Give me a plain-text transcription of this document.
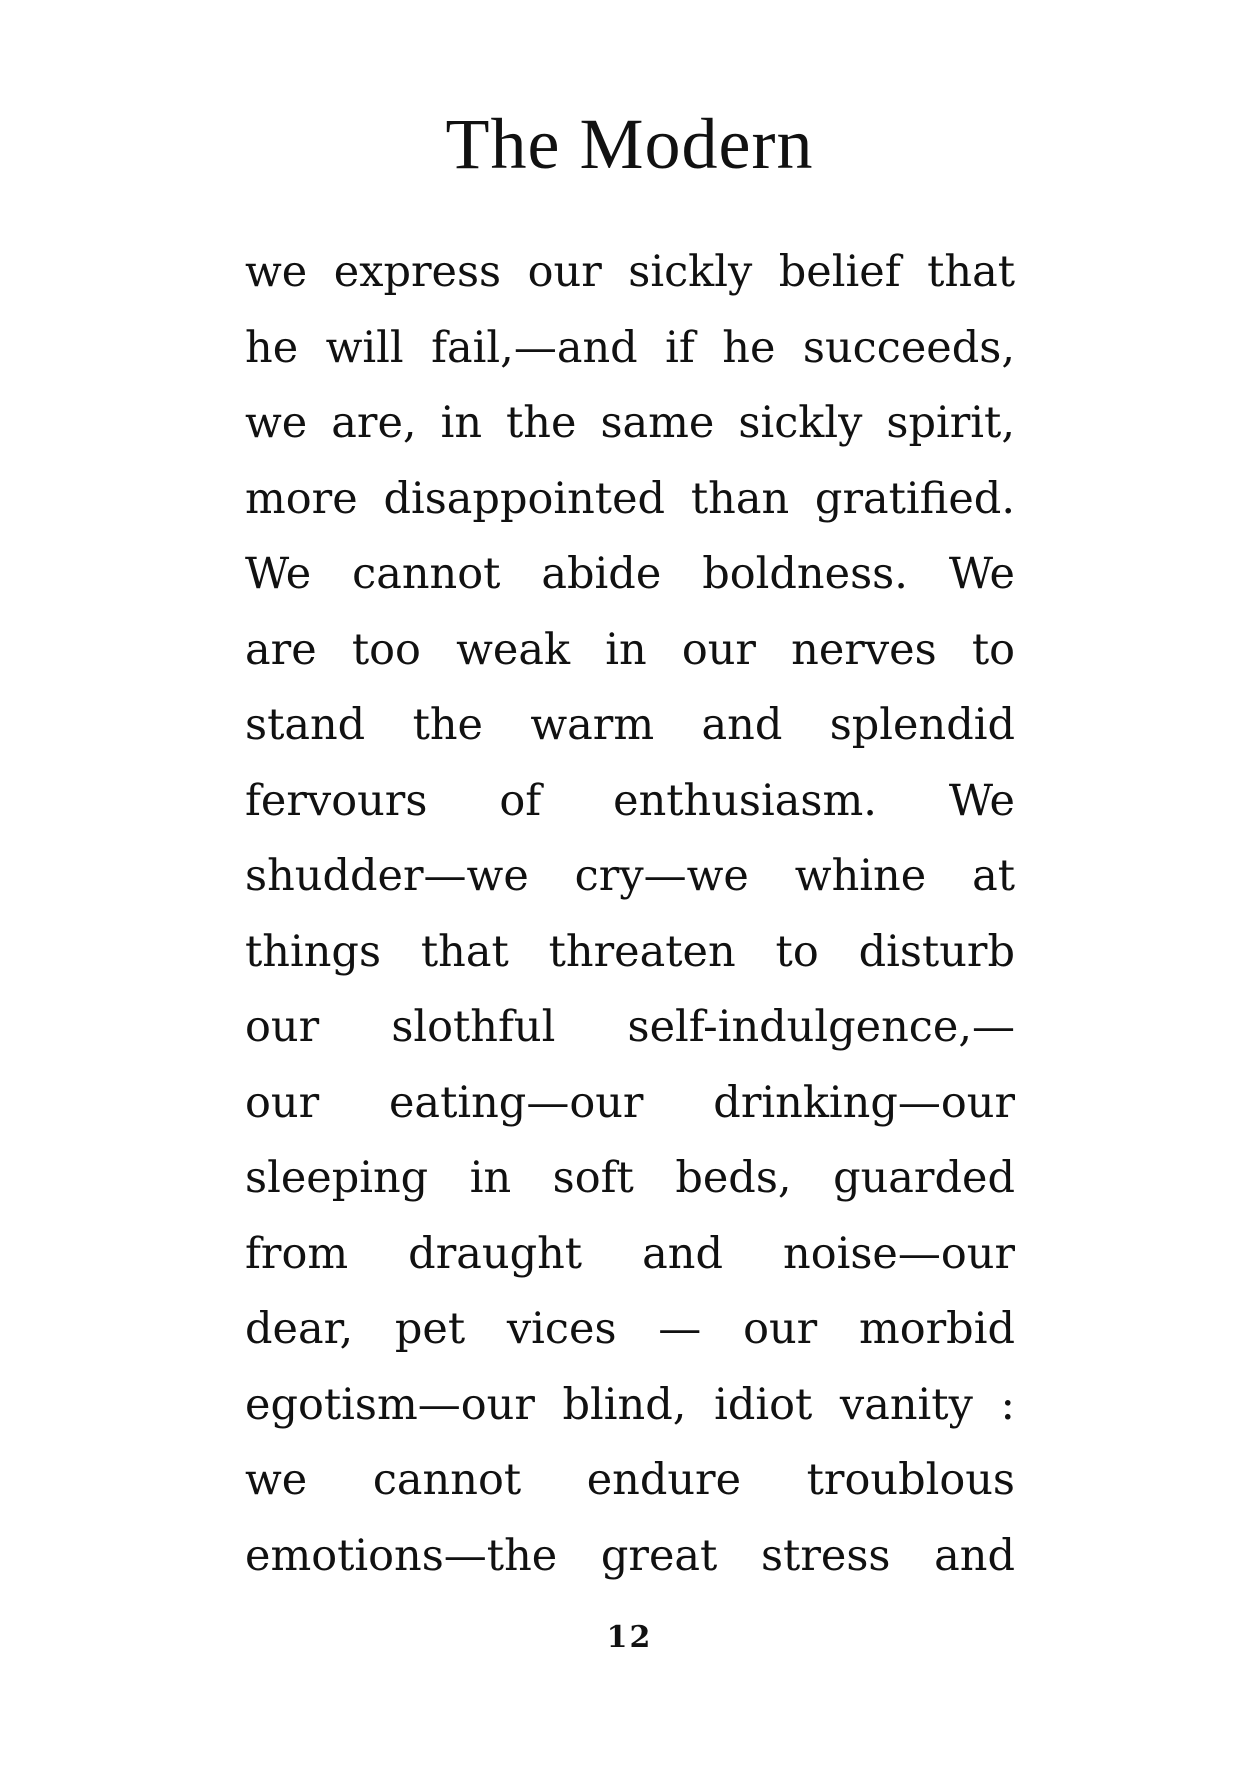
The Modern
we express our sickly belief that
he will fail,—and if he succeeds,
we are, in the same sickly spirit,
more disappointed than gratified.
We cannot abide boldness. We
are too weak in our nerves to
stand the warm and splendid
fervours of enthusiasm. We
shudder—we cry—we whine at
things that threaten to disturb
our slothful self-indulgence,—
our eating—our drinking—our
sleeping in soft beds, guarded
from draught and noise—our
dear, pet vices — our morbid
egotism—our blind, idiot vanity :
we cannot endure troublous
emotions—the great stress and
12
